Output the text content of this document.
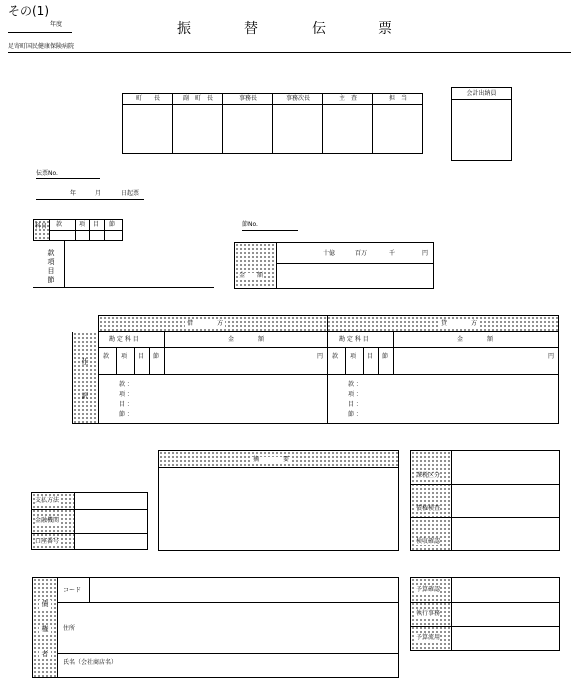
その(1)
年度	振	替	伝	票
足寄町国民健康保険病院
町　　長	副　町　長	事務長	事務次長	主　査	担　当
会計出納員
伝票No.
年	月	日起票
科目 款	項 目 節
款
項
目
節
節No.
金　　額
十億	百万	千	円
仕
訳
借　　　　方	貸　　　　方
勘 定 科 目	金　　　　額	勘 定 科 目	金　　　　額
款 項 目 節	円 款 項 目 節	円
款 ：
項 ：
目 ：
節 ：
款 ：
項 ：
目 ：
節 ：
摘　　　　要
支払方法
金融機関
口座番号
課税区分
債権検査
検収確認
債
権
者
コード
住所
氏名（会社商店名）
予算確認
執行事務
予算流用
